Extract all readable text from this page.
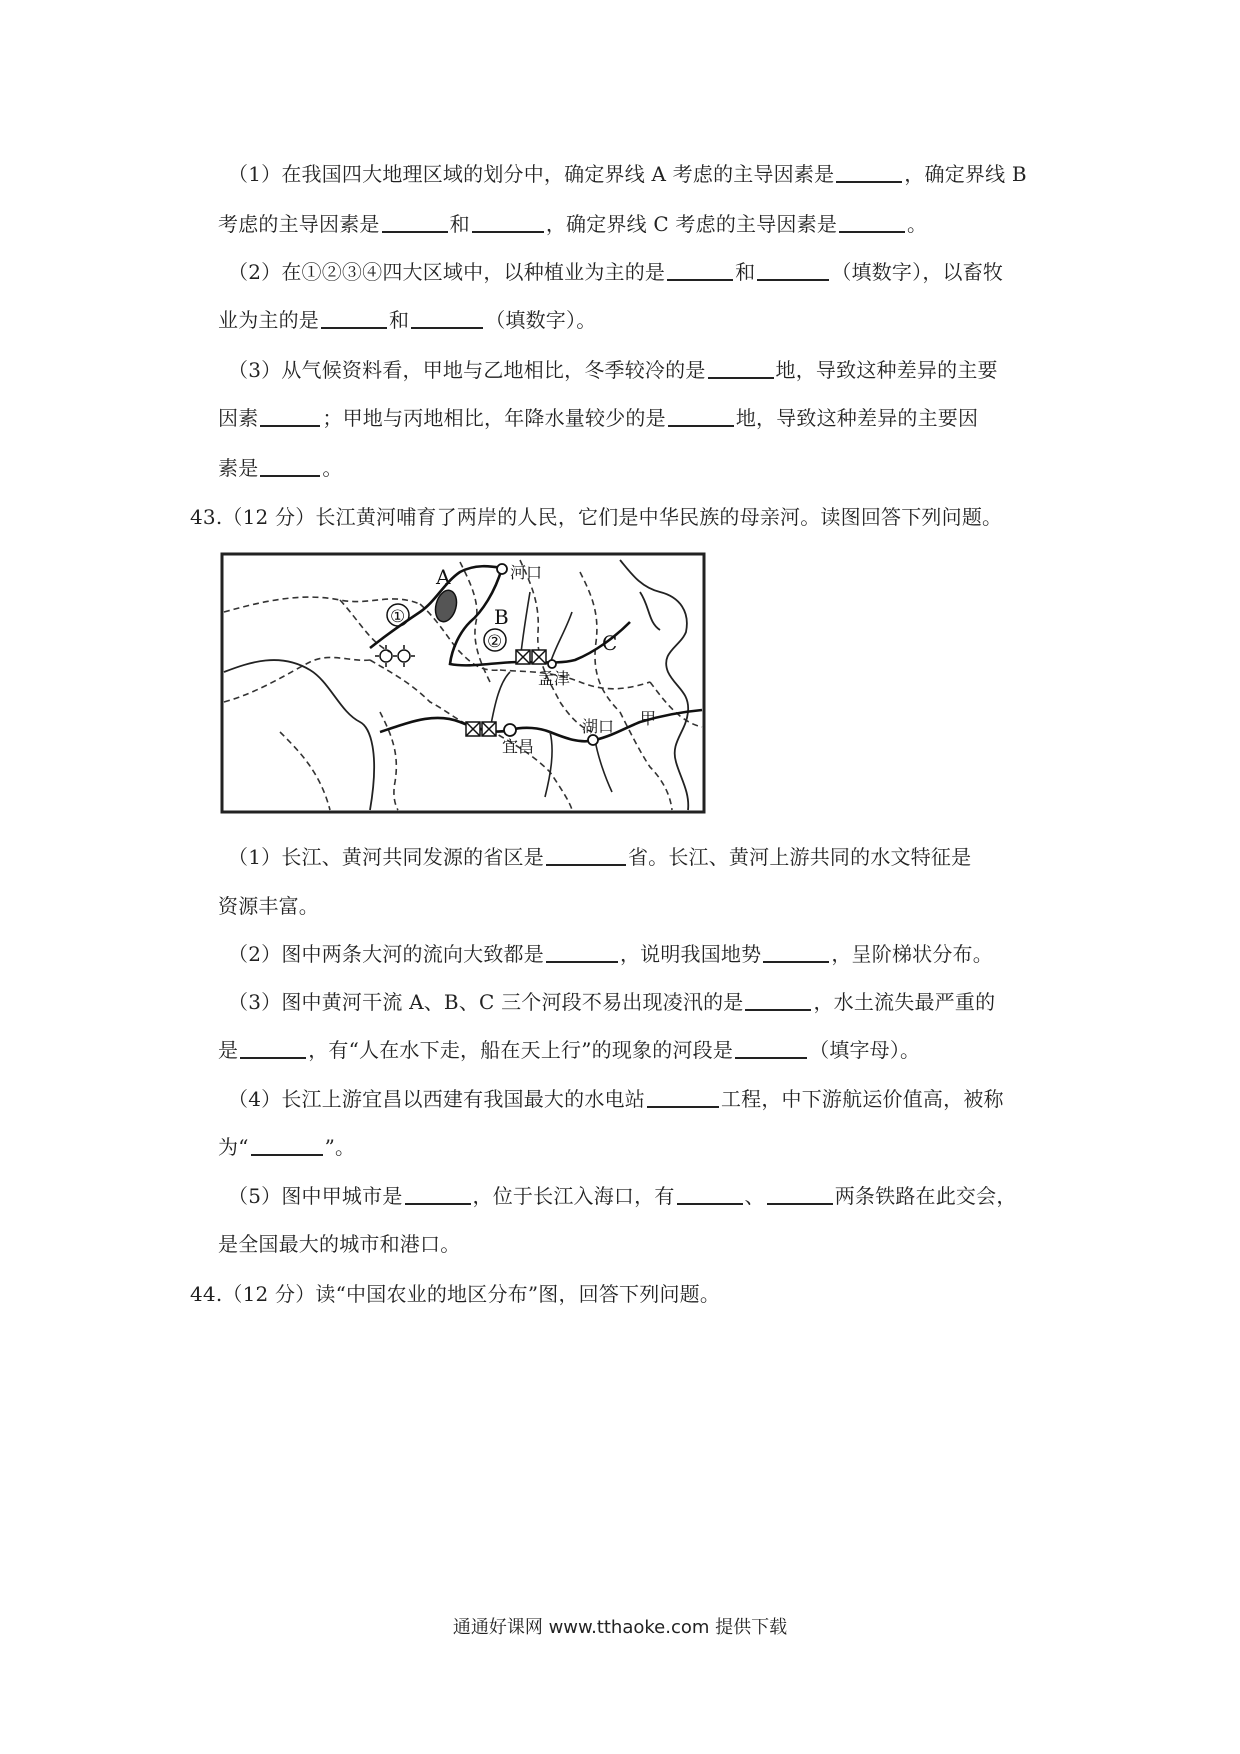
（1）在我国四大地理区域的划分中，确定界线 A 考虑的主导因素是	，确定界线 B
考虑的主导因素是	和	，确定界线 C 考虑的主导因素是	。
（2）在①②③④四大区域中，以种植业为主的是	和	（填数字），以畜牧
业为主的是	和	（填数字）。
（3）从气候资料看，甲地与乙地相比，冬季较冷的是	地，导致这种差异的主要
因素	；甲地与丙地相比，年降水量较少的是	地，导致这种差异的主要因
素是	。
43.（12 分）长江黄河哺育了两岸的人民，它们是中华民族的母亲河。读图回答下列问题。
①
②
A
B
C
河口
孟津
宜昌
湖口 甲
（1）长江、黄河共同发源的省区是	省。长江、黄河上游共同的水文特征是
资源丰富。
（2）图中两条大河的流向大致都是	，说明我国地势	，呈阶梯状分布。
（3）图中黄河干流 A、B、C 三个河段不易出现凌汛的是	，水土流失最严重的
是	，有“人在水下走，船在天上行”的现象的河段是	（填字母）。
（4）长江上游宜昌以西建有我国最大的水电站	工程，中下游航运价值高，被称
为“	”。
（5）图中甲城市是	，位于长江入海口，有	、	两条铁路在此交会，
是全国最大的城市和港口。
44.（12 分）读“中国农业的地区分布”图，回答下列问题。
通通好课网 www.tthaoke.com 提供下载
